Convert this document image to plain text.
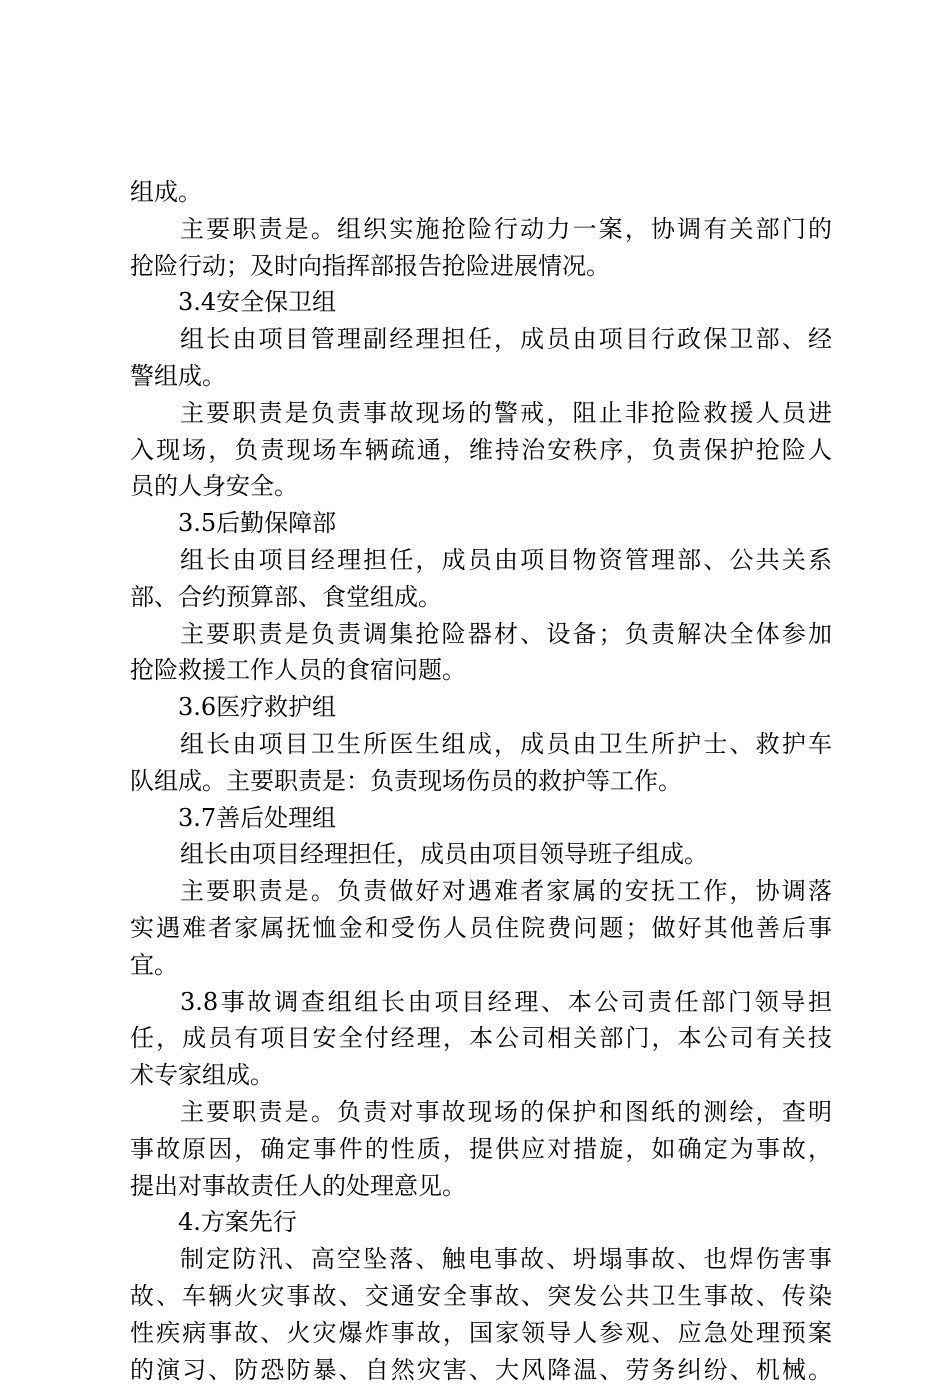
组成。
主要职责是。组织实施抢险行动力一案，协调有关部门的
抢险行动；及时向指挥部报告抢险进展情况。
3.4安全保卫组
组长由项目管理副经理担任，成员由项目行政保卫部、经
警组成。
主要职责是负责事故现场的警戒，阻止非抢险救援人员进
入现场，负责现场车辆疏通，维持治安秩序，负责保护抢险人
员的人身安全。
3.5后勤保障部
组长由项目经理担任，成员由项目物资管理部、公共关系
部、合约预算部、食堂组成。
主要职责是负责调集抢险器材、设备；负责解决全体参加
抢险救援工作人员的食宿问题。
3.6医疗救护组
组长由项目卫生所医生组成，成员由卫生所护士、救护车
队组成。主要职责是：负责现场伤员的救护等工作。
3.7善后处理组
组长由项目经理担任，成员由项目领导班子组成。
主要职责是。负责做好对遇难者家属的安抚工作，协调落
实遇难者家属抚恤金和受伤人员住院费问题；做好其他善后事
宜。
3.8事故调查组组长由项目经理、本公司责任部门领导担
任，成员有项目安全付经理，本公司相关部门，本公司有关技
术专家组成。
主要职责是。负责对事故现场的保护和图纸的测绘，查明
事故原因，确定事件的性质，提供应对措旋，如确定为事故，
提出对事故责任人的处理意见。
4.方案先行
制定防汛、高空坠落、触电事故、坍塌事故、也焊伤害事
故、车辆火灾事故、交通安全事故、突发公共卫生事故、传染
性疾病事故、火灾爆炸事故，国家领导人参观、应急处理预案
的演习、防恐防暴、自然灾害、大风降温、劳务纠纷、机械。
